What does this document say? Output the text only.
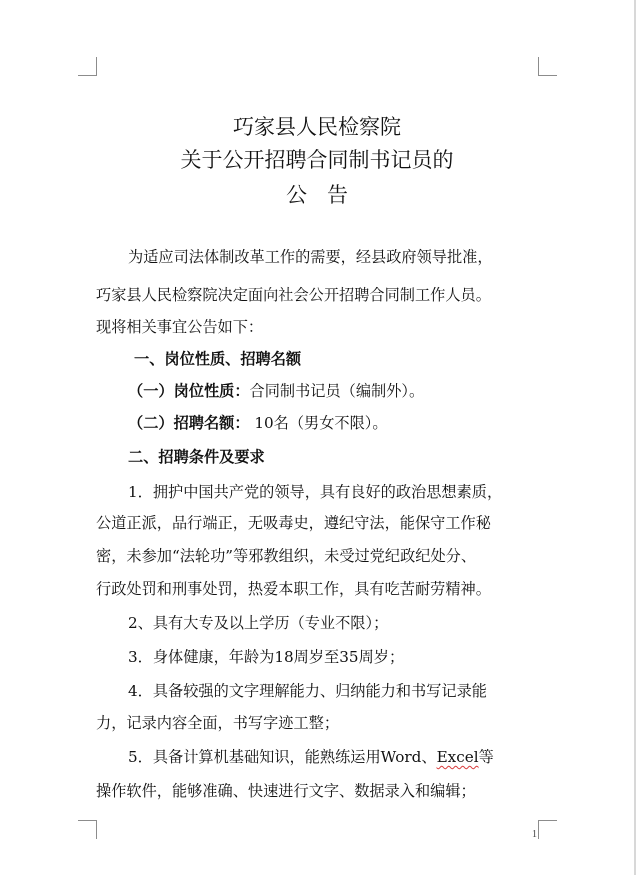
巧家县人民检察院
关于公开招聘合同制书记员的
公告
为适应司法体制改革工作的需要，经县政府领导批准，
巧家县人民检察院决定面向社会公开招聘合同制工作人员。
现将相关事宜公告如下：
一、岗位性质、招聘名额
（一）岗位性质：合同制书记员（编制外）。
（二）招聘名额： 10名（男女不限）。
二、招聘条件及要求
1．拥护中国共产党的领导，具有良好的政治思想素质，
公道正派，品行端正，无吸毒史，遵纪守法，能保守工作秘
密，未参加“法轮功”等邪教组织，未受过党纪政纪处分、
行政处罚和刑事处罚，热爱本职工作，具有吃苦耐劳精神。
2、具有大专及以上学历（专业不限）；
3．身体健康，年龄为18周岁至35周岁；
4．具备较强的文字理解能力、归纳能力和书写记录能
力，记录内容全面，书写字迹工整；
5．具备计算机基础知识，能熟练运用Word、Excel等
操作软件，能够准确、快速进行文字、数据录入和编辑；
1
